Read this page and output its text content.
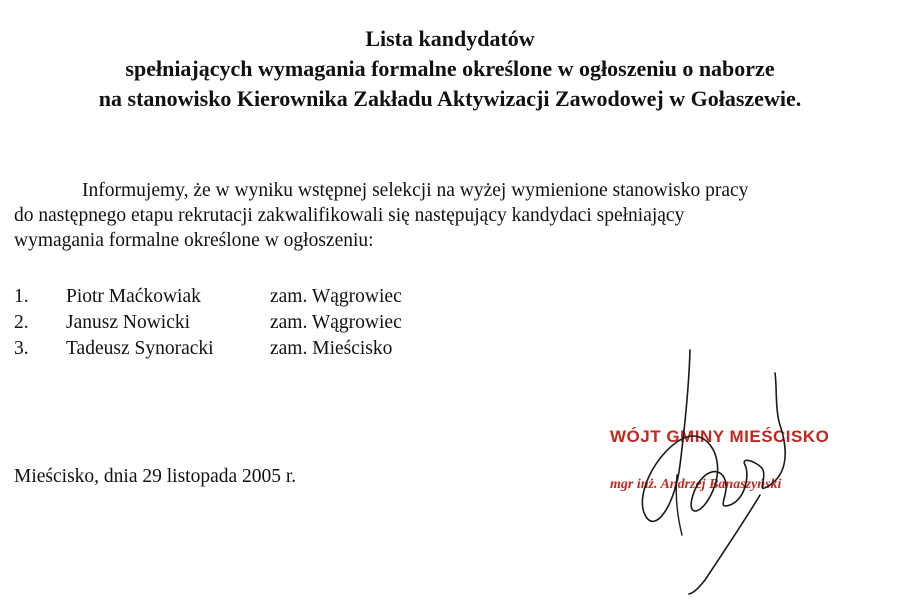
Lista kandydatów
spełniających wymagania formalne określone w ogłoszeniu o naborze
na stanowisko Kierownika Zakładu Aktywizacji Zawodowej w Gołaszewie.
Informujemy, że w wyniku wstępnej selekcji na wyżej wymienione stanowisko pracy
do następnego etapu rekrutacji zakwalifikowali się następujący kandydaci spełniający
wymagania formalne określone w ogłoszeniu:
1.	Piotr Maćkowiak	zam. Wągrowiec
2.	Janusz Nowicki	zam. Wągrowiec
3.	Tadeusz Synoracki	zam. Mieścisko
Mieścisko, dnia 29 listopada 2005 r.
WÓJT GMINY MIEŚCISKO
mgr inż. Andrzej Banaszyński
